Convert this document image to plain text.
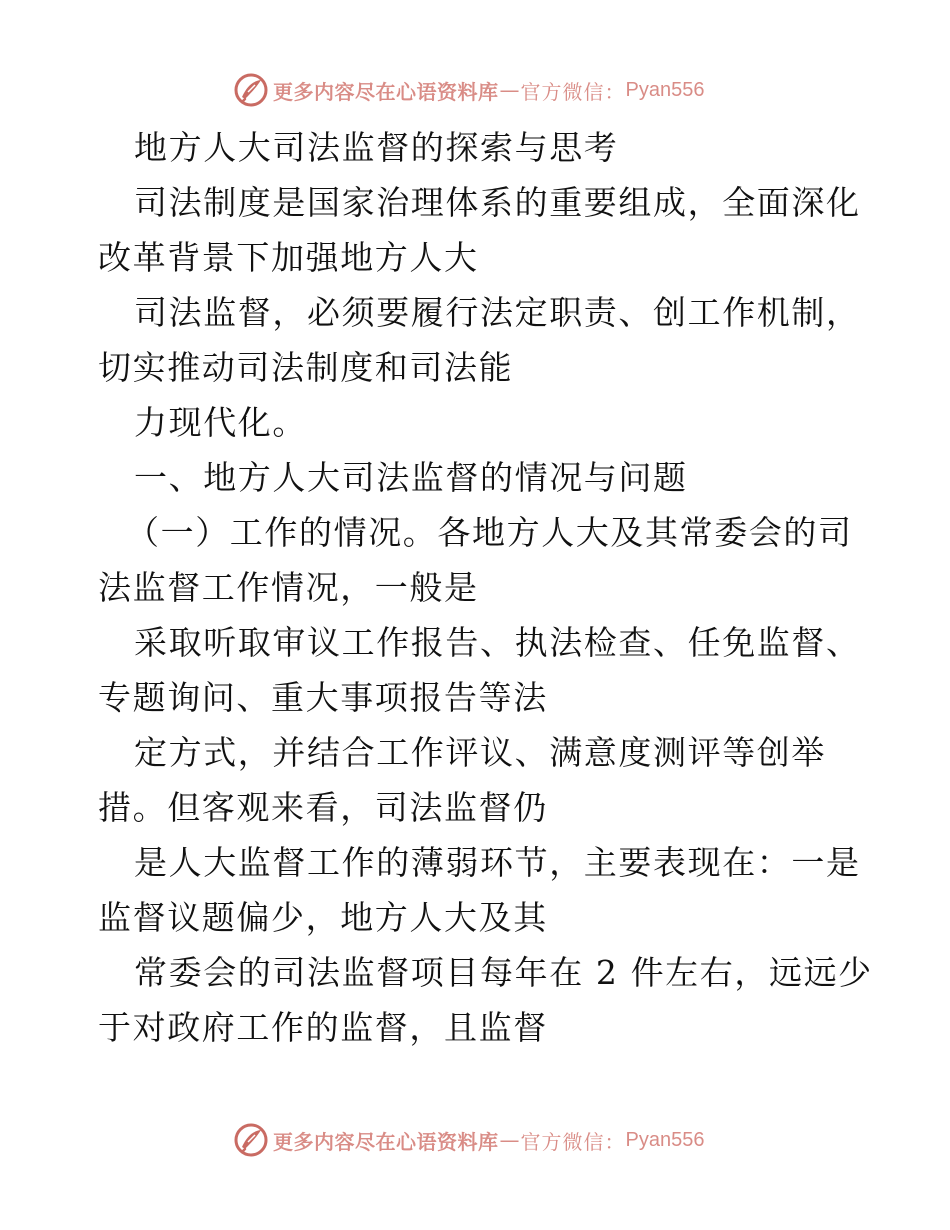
更多内容尽在心语资料库 — 官方微信： Pyan556
地方人大司法监督的探索与思考
司法制度是国家治理体系的重要组成，全面深化
改革背景下加强地方人大
司法监督，必须要履行法定职责、创工作机制，
切实推动司法制度和司法能
力现代化。
一、地方人大司法监督的情况与问题
（一）工作的情况。各地方人大及其常委会的司
法监督工作情况，一般是
采取听取审议工作报告、执法检查、任免监督、
专题询问、重大事项报告等法
定方式，并结合工作评议、满意度测评等创举
措。但客观来看，司法监督仍
是人大监督工作的薄弱环节，主要表现在：一是
监督议题偏少，地方人大及其
常委会的司法监督项目每年在 2 件左右，远远少
于对政府工作的监督，且监督
更多内容尽在心语资料库 — 官方微信： Pyan556
